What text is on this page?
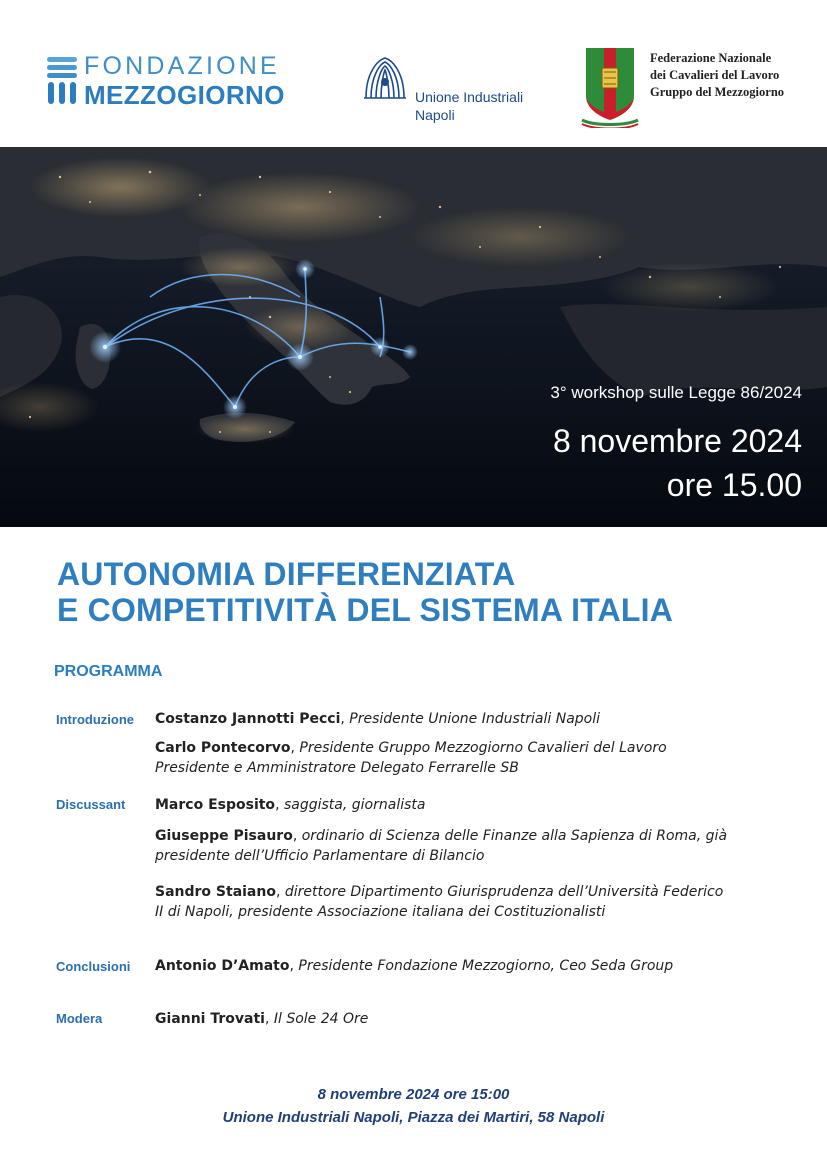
FONDAZIONE
MEZZOGIORNO	Unione Industriali
Napoli
Federazione Nazionale
dei Cavalieri del Lavoro
Gruppo del Mezzogiorno
3° workshop sulle Legge 86/2024
8 novembre 2024
ore 15.00
AUTONOMIA DIFFERENZIATA
E COMPETITIVITÀ DEL SISTEMA ITALIA
PROGRAMMA
Introduzione Costanzo Jannotti Pecci, Presidente Unione Industriali Napoli
Carlo Pontecorvo, Presidente Gruppo Mezzogiorno Cavalieri del Lavoro
Presidente e Amministratore Delegato Ferrarelle SB
Discussant Marco Esposito, saggista, giornalista
Giuseppe Pisauro, ordinario di Scienza delle Finanze alla Sapienza di Roma, già
presidente dell’Ufficio Parlamentare di Bilancio
Sandro Staiano, direttore Dipartimento Giurisprudenza dell’Università Federico
II di Napoli, presidente Associazione italiana dei Costituzionalisti
Conclusioni Antonio D’Amato, Presidente Fondazione Mezzogiorno, Ceo Seda Group
Modera	Gianni Trovati, Il Sole 24 Ore
8 novembre 2024 ore 15:00
Unione Industriali Napoli, Piazza dei Martiri, 58 Napoli
